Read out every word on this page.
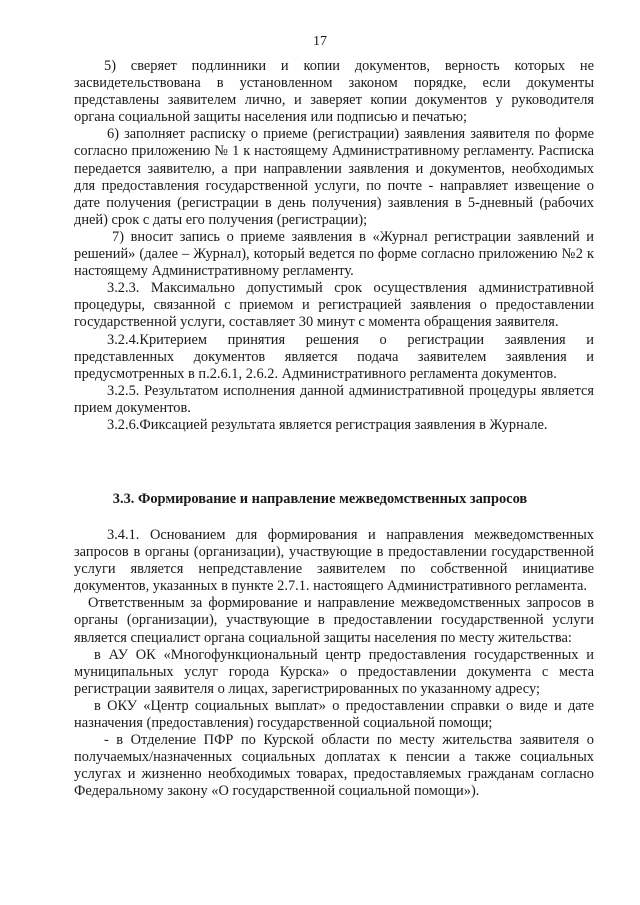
17

5) сверяет подлинники и копии документов, верность которых не засвидетельствована в установленном законом порядке, если документы представлены заявителем лично, и заверяет копии документов у руководителя органа социальной защиты населения или подписью и печатью;

6) заполняет расписку о приеме (регистрации) заявления заявителя по форме согласно приложению № 1 к настоящему Административному регламенту. Расписка передается заявителю, а при направлении заявления и документов, необходимых для предоставления государственной услуги, по почте - направляет извещение о дате получения (регистрации в день получения) заявления в 5-дневный (рабочих дней) срок с даты его получения (регистрации);

7) вносит запись о приеме заявления в «Журнал регистрации заявлений и решений» (далее – Журнал), который ведется по форме согласно приложению №2 к настоящему Административному регламенту.

3.2.3. Максимально допустимый срок осуществления административной процедуры, связанной с приемом и регистрацией заявления о предоставлении государственной услуги, составляет 30 минут с момента обращения заявителя.

3.2.4.Критерием принятия решения о регистрации заявления и представленных документов является подача заявителем заявления и предусмотренных в п.2.6.1, 2.6.2. Административного регламента документов.

3.2.5. Результатом исполнения данной административной процедуры является прием документов.

3.2.6.Фиксацией результата является регистрация заявления в Журнале.

3.3. Формирование и направление межведомственных запросов

3.4.1. Основанием для формирования и направления межведомственных запросов в органы (организации), участвующие в предоставлении государственной услуги является непредставление заявителем по собственной инициативе документов, указанных в пункте 2.7.1. настоящего Административного регламента.

Ответственным за формирование и направление межведомственных запросов в органы (организации), участвующие в предоставлении государственной услуги является специалист органа социальной защиты населения по месту жительства:

в АУ ОК «Многофункциональный центр предоставления государственных и муниципальных услуг города Курска» о предоставлении документа с места регистрации заявителя о лицах, зарегистрированных по указанному адресу;

в ОКУ «Центр социальных выплат» о предоставлении справки о виде и дате назначения (предоставления) государственной социальной помощи;

- в Отделение ПФР по Курской области по месту жительства заявителя о получаемых/назначенных социальных доплатах к пенсии а также социальных услугах и жизненно необходимых товарах, предоставляемых гражданам согласно Федеральному закону «О государственной социальной помощи»).
